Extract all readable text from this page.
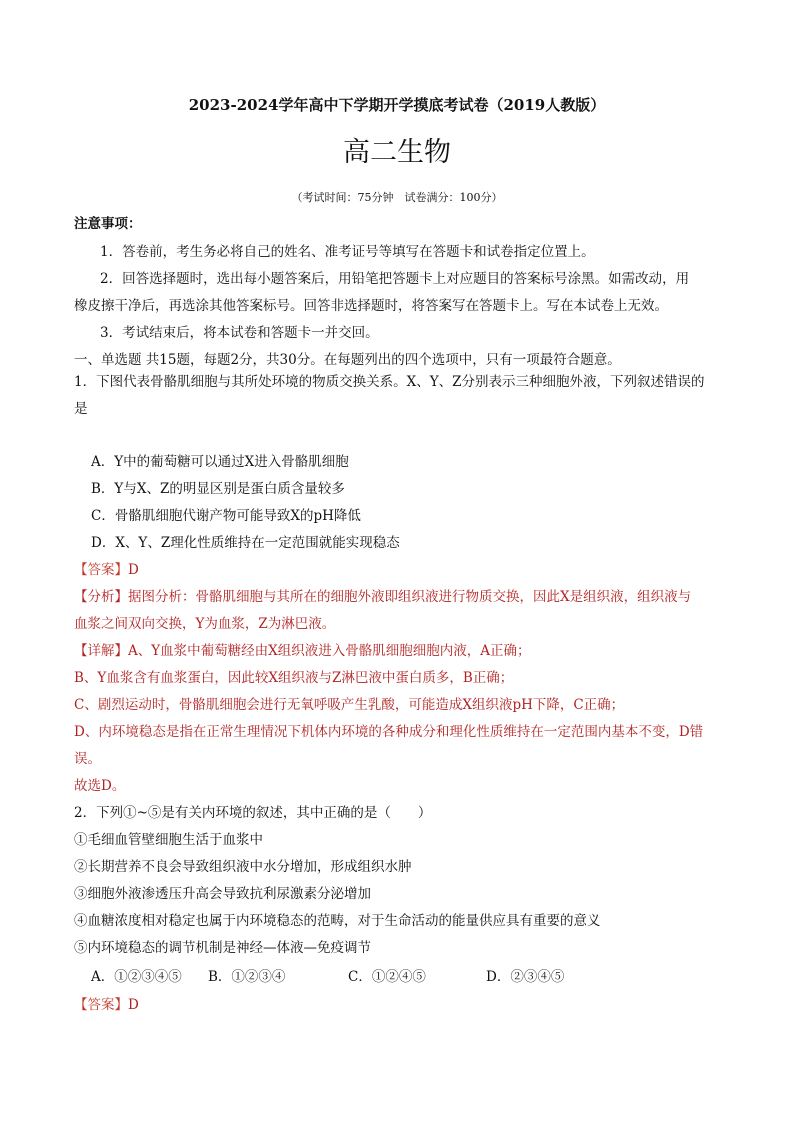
2023-2024学年高中下学期开学摸底考试卷（2019人教版）
高二生物
（考试时间：75分钟　试卷满分：100分）
注意事项：
1．答卷前，考生务必将自己的姓名、准考证号等填写在答题卡和试卷指定位置上。
2．回答选择题时，选出每小题答案后，用铅笔把答题卡上对应题目的答案标号涂黑。如需改动，用
橡皮擦干净后，再选涂其他答案标号。回答非选择题时，将答案写在答题卡上。写在本试卷上无效。
3．考试结束后，将本试卷和答题卡一并交回。
一、单选题 共15题，每题2分，共30分。在每题列出的四个选项中，只有一项最符合题意。
1．下图代表骨骼肌细胞与其所处环境的物质交换关系。X、Y、Z分别表示三种细胞外液，下列叙述错误的
是
A．Y中的葡萄糖可以通过X进入骨骼肌细胞
B．Y与X、Z的明显区别是蛋白质含量较多
C．骨骼肌细胞代谢产物可能导致X的pH降低
D．X、Y、Z理化性质维持在一定范围就能实现稳态
【答案】D
【分析】据图分析：骨骼肌细胞与其所在的细胞外液即组织液进行物质交换，因此X是组织液，组织液与
血浆之间双向交换，Y为血浆，Z为淋巴液。
【详解】A、Y血浆中葡萄糖经由X组织液进入骨骼肌细胞细胞内液，A正确；
B、Y血浆含有血浆蛋白，因此较X组织液与Z淋巴液中蛋白质多，B正确；
C、剧烈运动时，骨骼肌细胞会进行无氧呼吸产生乳酸，可能造成X组织液pH下降，C正确；
D、内环境稳态是指在正常生理情况下机体内环境的各种成分和理化性质维持在一定范围内基本不变，D错
误。
故选D。
2．下列①~⑤是有关内环境的叙述，其中正确的是（　　）
①毛细血管壁细胞生活于血浆中
②长期营养不良会导致组织液中水分增加，形成组织水肿
③细胞外液渗透压升高会导致抗利尿激素分泌增加
④血糖浓度相对稳定也属于内环境稳态的范畴，对于生命活动的能量供应具有重要的意义
⑤内环境稳态的调节机制是神经—体液—免疫调节
A．①②③④⑤ B．①②③④	C．①②④⑤	D．②③④⑤
【答案】D
